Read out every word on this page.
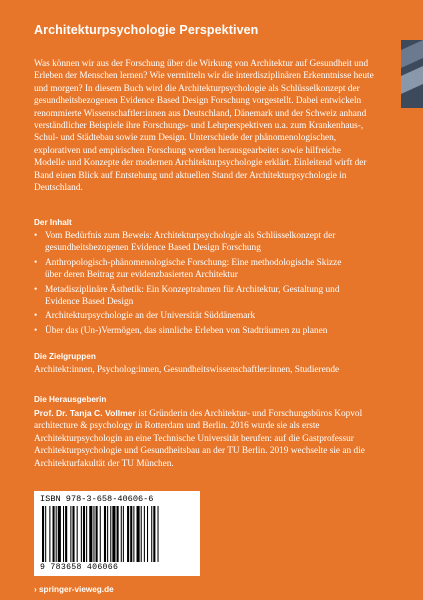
Architekturpsychologie Perspektiven
Was können wir aus der Forschung über die Wirkung von Architektur auf Gesundheit und Erleben der Menschen lernen? Wie vermitteln wir die interdisziplinären Erkenntnisse heute und morgen? In diesem Buch wird die Architekturpsychologie als Schlüsselkonzept der gesundheitsbezogenen Evidence Based Design Forschung vorgestellt. Dabei entwickeln renommierte Wissenschaftler:innen aus Deutschland, Dänemark und der Schweiz anhand verständlicher Beispiele ihre Forschungs- und Lehrperspektiven u.a. zum Krankenhaus-, Schul- und Städtebau sowie zum Design. Unterschiede der phänomenologischen, explorativen und empirischen Forschung werden herausgearbeitet sowie hilfreiche Modelle und Konzepte der modernen Architekturpsychologie erklärt. Einleitend wirft der Band einen Blick auf Entstehung und aktuellen Stand der Architekturpsychologie in Deutschland.
Der Inhalt
• Vom Bedürfnis zum Beweis: Architekturpsychologie als Schlüsselkonzept der gesundheitsbezogenen Evidence Based Design Forschung
• Anthropologisch-phänomenologische Forschung: Eine methodologische Skizze über deren Beitrag zur evidenzbasierten Architektur
• Metadisziplinäre Ästhetik: Ein Konzeptrahmen für Architektur, Gestaltung und Evidence Based Design
• Architekturpsychologie an der Universität Süddänemark
• Über das (Un-)Vermögen, das sinnliche Erleben von Stadträumen zu planen
Die Zielgruppen
Architekt:innen, Psycholog:innen, Gesundheitswissenschaftler:innen, Studierende
Die Herausgeberin
Prof. Dr. Tanja C. Vollmer ist Gründerin des Architektur- und Forschungsbüros Kopvol architecture & psychology in Rotterdam und Berlin. 2016 wurde sie als erste Architekturpsychologin an eine Technische Universität berufen: auf die Gastprofessur Architekturpsychologie und Gesundheitsbau an der TU Berlin. 2019 wechselte sie an die Architekturfakultät der TU München.
ISBN 978-3-658-40606-6
9 783658 406066
› springer-vieweg.de
